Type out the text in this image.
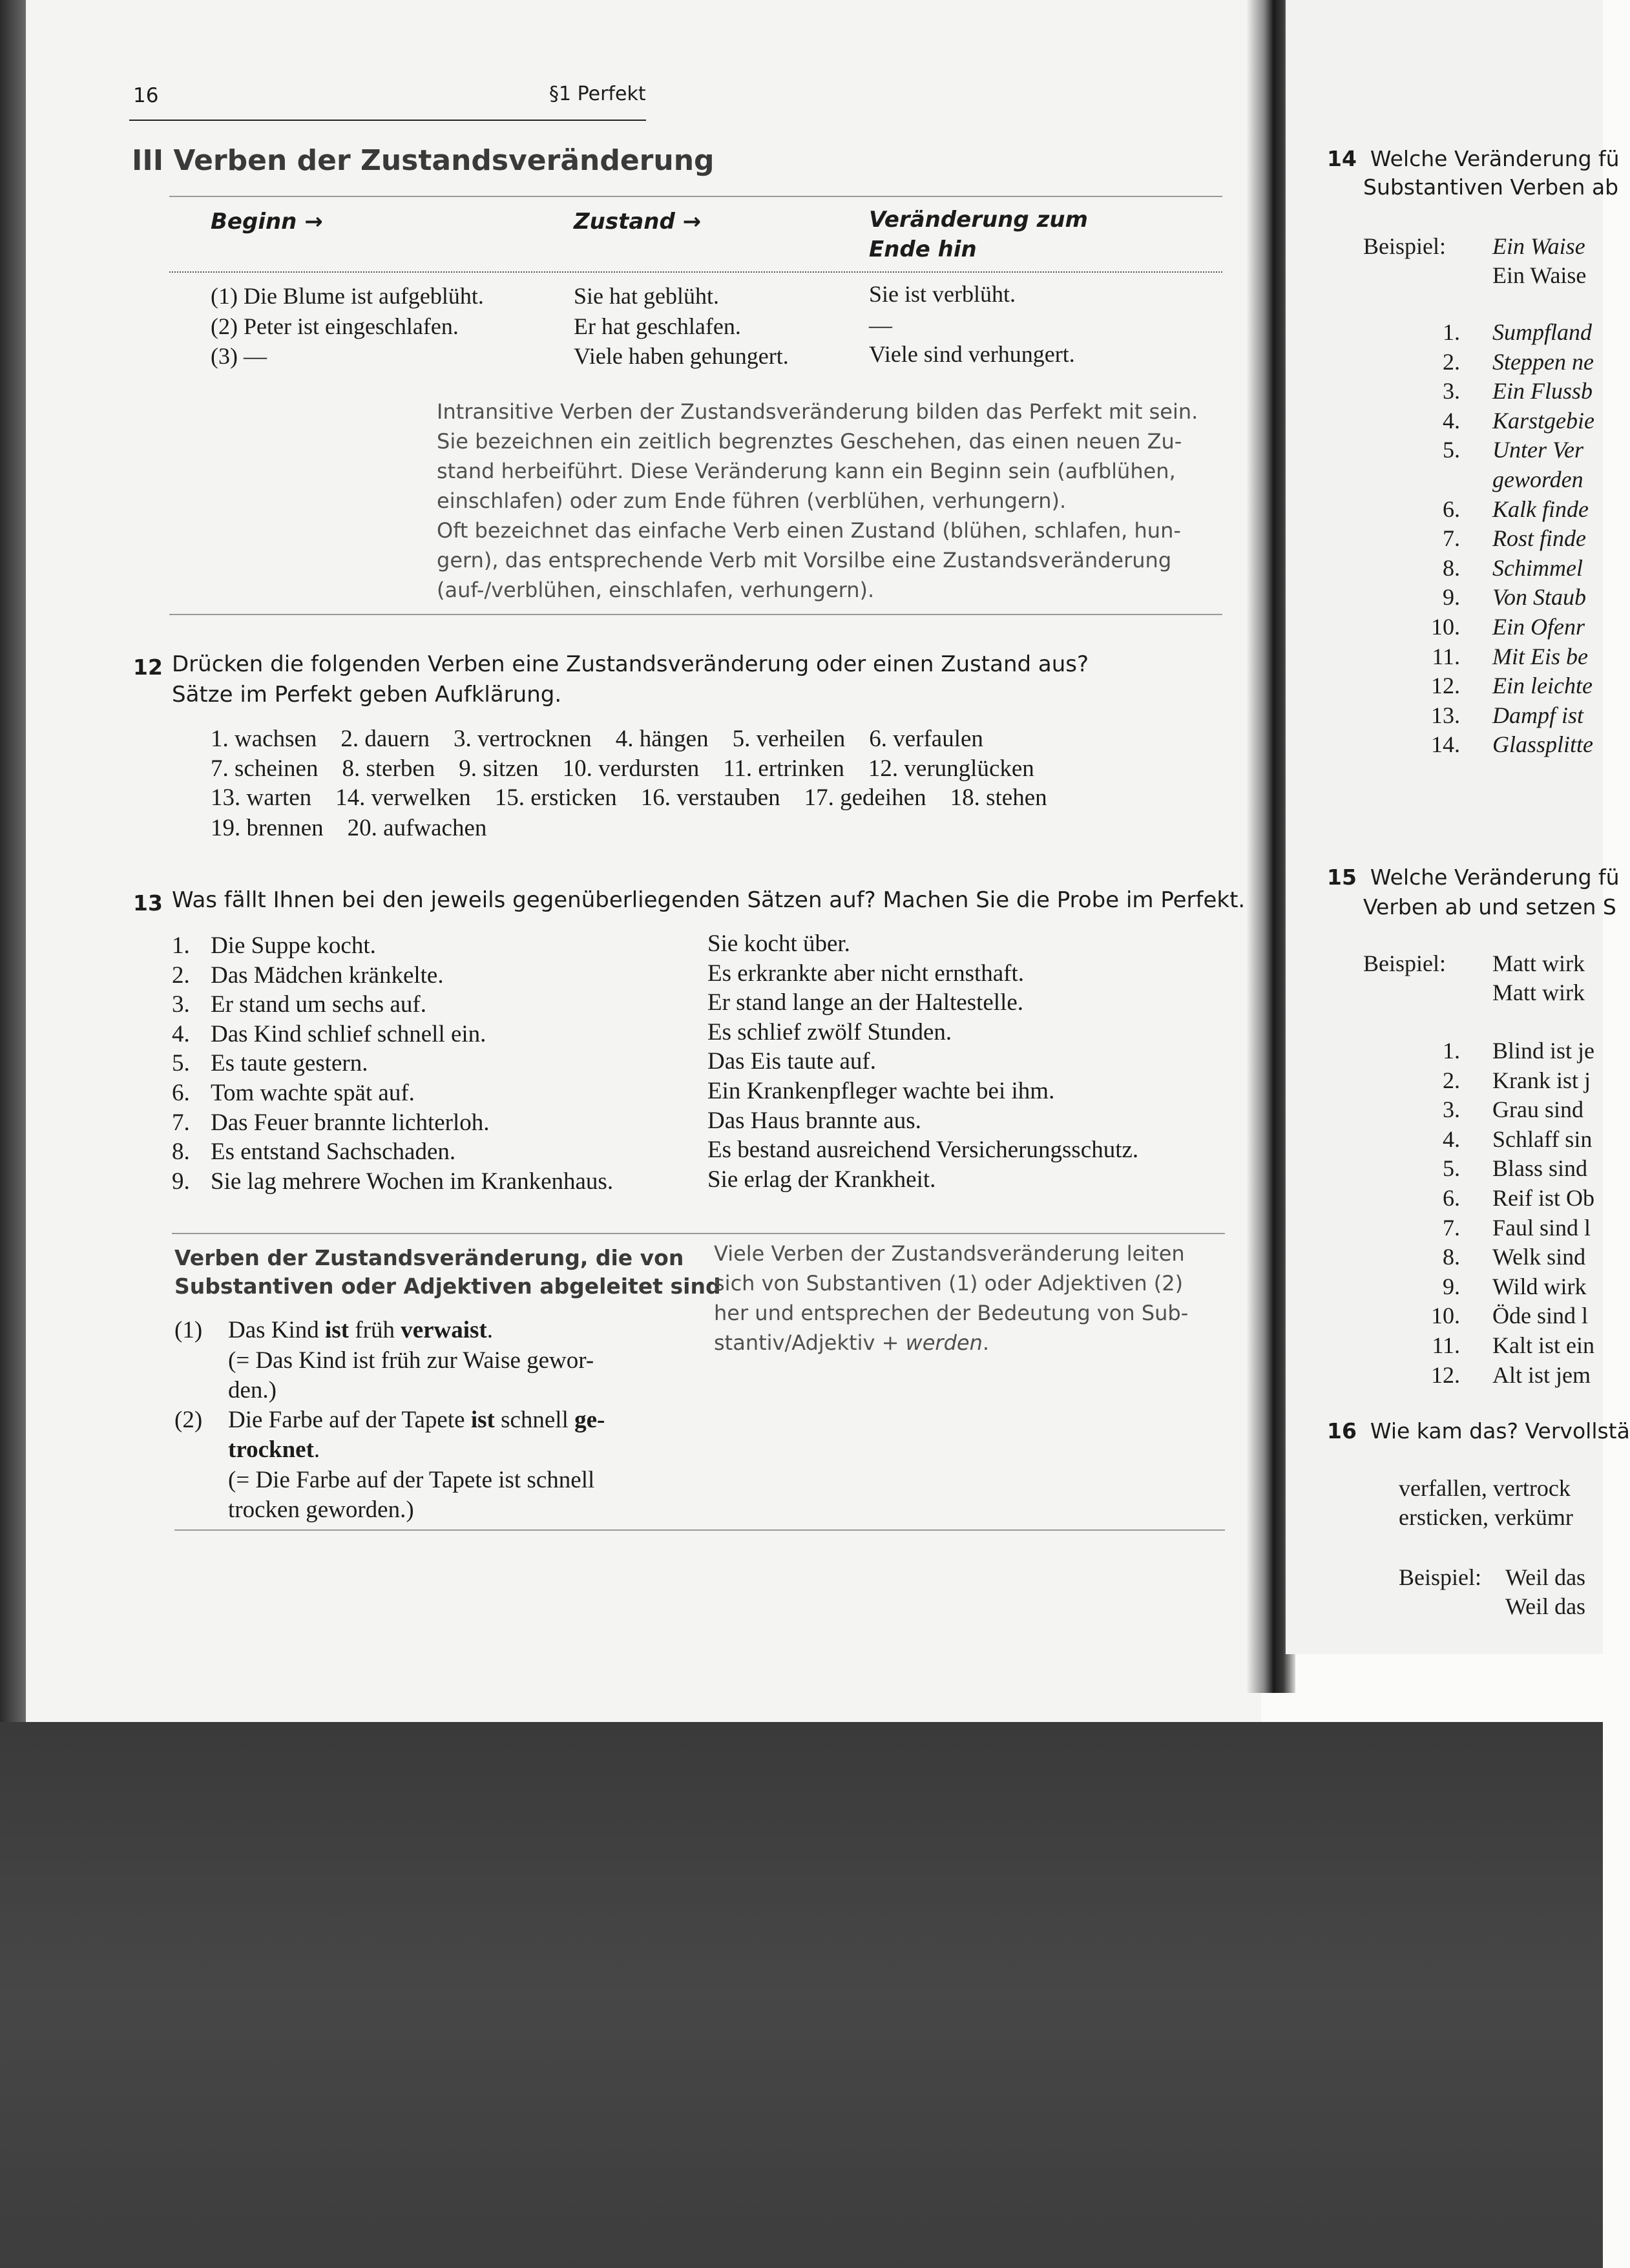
16	§1 Perfekt
III Verben der Zustandsveränderung
Beginn →	Zustand →	Veränderung zum
Ende hin
(1) Die Blume ist aufgeblüht.	Sie hat geblüht.	Sie ist verblüht.
(2) Peter ist eingeschlafen.	Er hat geschlafen.	—
(3) —	Viele haben gehungert.	Viele sind verhungert.
Intransitive Verben der Zustandsveränderung bilden das Perfekt mit sein.
Sie bezeichnen ein zeitlich begrenztes Geschehen, das einen neuen Zu-
stand herbeiführt. Diese Veränderung kann ein Beginn sein (aufblühen,
einschlafen) oder zum Ende führen (verblühen, verhungern).
Oft bezeichnet das einfache Verb einen Zustand (blühen, schlafen, hun-
gern), das entsprechende Verb mit Vorsilbe eine Zustandsveränderung
(auf-/verblühen, einschlafen, verhungern).
12 Drücken die folgenden Verben eine Zustandsveränderung oder einen Zustand aus?
Sätze im Perfekt geben Aufklärung.
1. wachsen    2. dauern    3. vertrocknen    4. hängen    5. verheilen    6. verfaulen
7. scheinen    8. sterben    9. sitzen    10. verdursten    11. ertrinken    12. verunglücken
13. warten    14. verwelken    15. ersticken    16. verstauben    17. gedeihen    18. stehen
19. brennen    20. aufwachen
13 Was fällt Ihnen bei den jeweils gegenüberliegenden Sätzen auf? Machen Sie die Probe im Perfekt.
1. Die Suppe kocht.	Sie kocht über.
2. Das Mädchen kränkelte.	Es erkrankte aber nicht ernsthaft.
3. Er stand um sechs auf.	Er stand lange an der Haltestelle.
4. Das Kind schlief schnell ein.	Es schlief zwölf Stunden.
5. Es taute gestern.	Das Eis taute auf.
6. Tom wachte spät auf.	Ein Krankenpfleger wachte bei ihm.
7. Das Feuer brannte lichterloh.	Das Haus brannte aus.
8. Es entstand Sachschaden.	Es bestand ausreichend Versicherungsschutz.
9. Sie lag mehrere Wochen im Krankenhaus.	Sie erlag der Krankheit.
Verben der Zustandsveränderung, die von
Substantiven oder Adjektiven abgeleitet sind
(1) Das Kind ist früh verwaist.
(= Das Kind ist früh zur Waise gewor-
den.)
(2) Die Farbe auf der Tapete ist schnell ge-
trocknet.
(= Die Farbe auf der Tapete ist schnell
trocken geworden.)
Viele Verben der Zustandsveränderung leiten
sich von Substantiven (1) oder Adjektiven (2)
her und entsprechen der Bedeutung von Sub-
stantiv/Adjektiv + werden.
14 Welche Veränderung fü
Substantiven Verben ab
Beispiel: Ein Waise
Ein Waise
1. Sumpfland
2. Steppen ne
3. Ein Flussb
4. Karstgebie
5. Unter Ver
geworden
6. Kalk finde
7. Rost finde
8. Schimmel
9. Von Staub
10. Ein Ofenr
11. Mit Eis be
12. Ein leichte
13. Dampf ist
14. Glassplitte
15 Welche Veränderung fü
Verben ab und setzen S
Beispiel: Matt wirk
Matt wirk
1. Blind ist je
2. Krank ist j
3. Grau sind
4. Schlaff sin
5. Blass sind
6. Reif ist Ob
7. Faul sind l
8. Welk sind
9. Wild wirk
10. Öde sind l
11. Kalt ist ein
12. Alt ist jem
16 Wie kam das? Vervollstä
verfallen, vertrock
ersticken, verkümr
Beispiel: Weil das
Weil das
